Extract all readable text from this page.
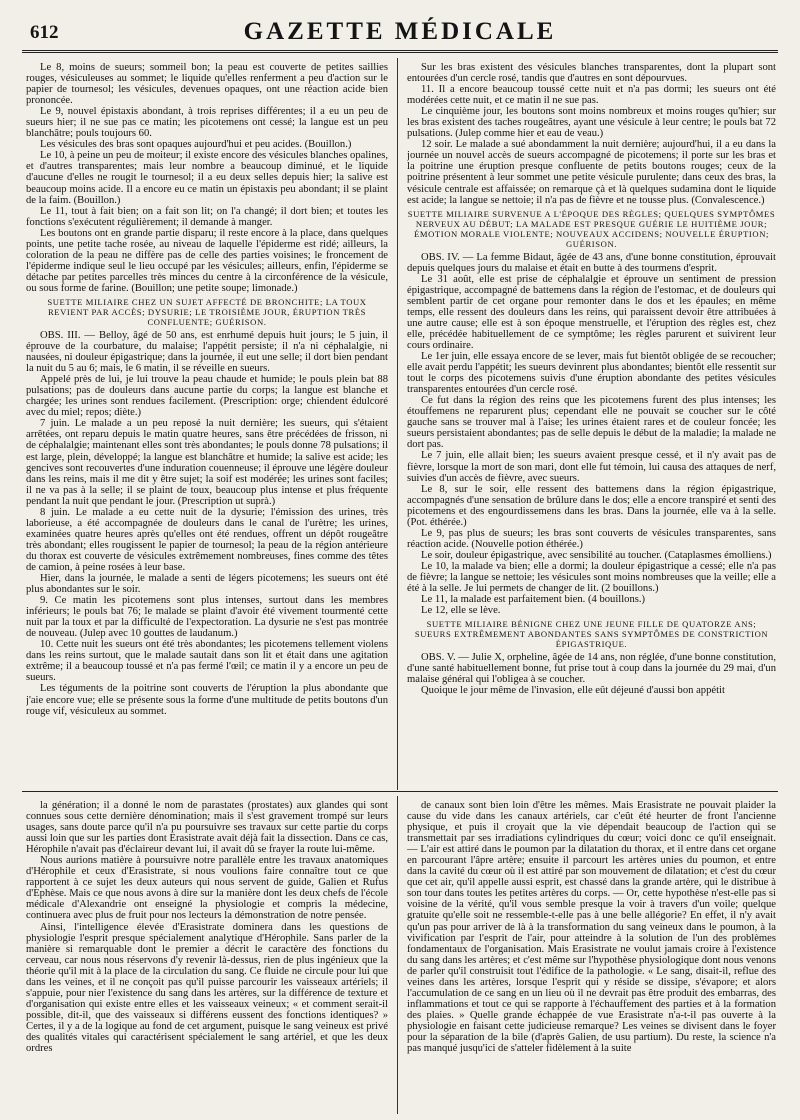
612	GAZETTE MÉDICALE

Le 8, moins de sueurs; sommeil bon; la peau est couverte de petites saillies rouges, vésiculeuses au sommet; le liquide qu'elles renferment a peu d'action sur le papier de tournesol; les vésicules, devenues opaques, ont une réaction acide bien prononcée.

Le 9, nouvel épistaxis abondant, à trois reprises différentes; il a eu un peu de sueurs hier; il ne sue pas ce matin; les picotemens ont cessé; la langue est un peu blanchâtre; pouls toujours 60.

Les vésicules des bras sont opaques aujourd'hui et peu acides. (Bouillon.)

Le 10, à peine un peu de moiteur; il existe encore des vésicules blanches opalines, et d'autres transparentes; mais leur nombre a beaucoup diminué, et le liquide d'aucune d'elles ne rougit le tournesol; il a eu deux selles depuis hier; la salive est beaucoup moins acide. Il a encore eu ce matin un épistaxis peu abondant; il se plaint de la faim. (Bouillon.)

Le 11, tout à fait bien; on a fait son lit; on l'a changé; il dort bien; et toutes les fonctions s'exécutent régulièrement; il demande à manger.

Les boutons ont en grande partie disparu; il reste encore à la place, dans quelques points, une petite tache rosée, au niveau de laquelle l'épiderme est ridé; ailleurs, la coloration de la peau ne diffère pas de celle des parties voisines; le froncement de l'épiderme indique seul le lieu occupé par les vésicules; ailleurs, enfin, l'épiderme se détache par petites parcelles très minces du centre à la circonférence de la vésicule, ou sous forme de farine. (Bouillon; une petite soupe; limonade.)

SUETTE MILIAIRE CHEZ UN SUJET AFFECTÉ DE BRONCHITE; LA TOUX REVIENT PAR ACCÈS; DYSURIE; LE TROISIÈME JOUR, ÉRUPTION TRÈS CONFLUENTE; GUÉRISON.

OBS. III. — Belloy, âgé de 50 ans, est enrhumé depuis huit jours; le 5 juin, il éprouve de la courbature, du malaise; l'appétit persiste; il n'a ni céphalalgie, ni nausées, ni douleur épigastrique; dans la journée, il eut une selle; il dort bien pendant la nuit du 5 au 6; mais, le 6 matin, il se réveille en sueurs.

Appelé près de lui, je lui trouve la peau chaude et humide; le pouls plein bat 88 pulsations; pas de douleurs dans aucune partie du corps; la langue est blanche et chargée; les urines sont rendues facilement. (Prescription: orge; chiendent édulcoré avec du miel; repos; diète.)

7 juin. Le malade a un peu reposé la nuit dernière; les sueurs, qui s'étaient arrêtées, ont reparu depuis le matin quatre heures, sans être précédées de frisson, ni de céphalalgie; maintenant elles sont très abondantes; le pouls donne 78 pulsations; il est large, plein, développé; la langue est blanchâtre et humide; la salive est acide; les gencives sont recouvertes d'une induration couenneuse; il éprouve une légère douleur dans les reins, mais il me dit y être sujet; la soif est modérée; les urines sont faciles; il ne va pas à la selle; il se plaint de toux, beaucoup plus intense et plus fréquente pendant la nuit que pendant le jour. (Prescription ut suprà.)

8 juin. Le malade a eu cette nuit de la dysurie; l'émission des urines, très laborieuse, a été accompagnée de douleurs dans le canal de l'urètre; les urines, examinées quatre heures après qu'elles ont été rendues, offrent un dépôt rougeâtre très abondant; elles rougissent le papier de tournesol; la peau de la région antérieure du thorax est couverte de vésicules extrêmement nombreuses, fines comme des têtes de camion, à peine rosées à leur base.

Hier, dans la journée, le malade a senti de légers picotemens; les sueurs ont été plus abondantes sur le soir.

9. Ce matin les picotemens sont plus intenses, surtout dans les membres inférieurs; le pouls bat 76; le malade se plaint d'avoir été vivement tourmenté cette nuit par la toux et par la difficulté de l'expectoration. La dysurie ne s'est pas montrée de nouveau. (Julep avec 10 gouttes de laudanum.)

10. Cette nuit les sueurs ont été très abondantes; les picotemens tellement violens dans les reins surtout, que le malade sautait dans son lit et était dans une agitation extrême; il a beaucoup toussé et n'a pas fermé l'œil; ce matin il y a encore un peu de sueurs.

Les téguments de la poitrine sont couverts de l'éruption la plus abondante que j'aie encore vue; elle se présente sous la forme d'une multitude de petits boutons d'un rouge vif, vésiculeux au sommet.

Sur les bras existent des vésicules blanches transparentes, dont la plupart sont entourées d'un cercle rosé, tandis que d'autres en sont dépourvues.

11. Il a encore beaucoup toussé cette nuit et n'a pas dormi; les sueurs ont été modérées cette nuit, et ce matin il ne sue pas.

Le cinquième jour, les boutons sont moins nombreux et moins rouges qu'hier; sur les bras existent des taches rougeâtres, ayant une vésicule à leur centre; le pouls bat 72 pulsations. (Julep comme hier et eau de veau.)

12 soir. Le malade a sué abondamment la nuit dernière; aujourd'hui, il a eu dans la journée un nouvel accès de sueurs accompagné de picotemens; il porte sur les bras et la poitrine une éruption presque confluente de petits boutons rouges; ceux de la poitrine présentent à leur sommet une petite vésicule purulente; dans ceux des bras, la vésicule centrale est affaissée; on remarque çà et là quelques sudamina dont le liquide est acide; la langue se nettoie; il n'a pas de fièvre et ne tousse plus. (Convalescence.)

SUETTE MILIAIRE SURVENUE A L'ÉPOQUE DES RÈGLES; QUELQUES SYMPTÔMES NERVEUX AU DÉBUT; LA MALADE EST PRESQUE GUÉRIE LE HUITIÈME JOUR; ÉMOTION MORALE VIOLENTE; NOUVEAUX ACCIDENS; NOUVELLE ÉRUPTION; GUÉRISON.

OBS. IV. — La femme Bidaut, âgée de 43 ans, d'une bonne constitution, éprouvait depuis quelques jours du malaise et était en butte à des tourmens d'esprit.

Le 31 août, elle est prise de céphalalgie et éprouve un sentiment de pression épigastrique, accompagné de battemens dans la région de l'estomac, et de douleurs qui semblent partir de cet organe pour remonter dans le dos et les épaules; en même temps, elle ressent des douleurs dans les reins, qui paraissent devoir être attribuées à une autre cause; elle est à son époque menstruelle, et l'éruption des règles est, chez elle, précédée habituellement de ce symptôme; les règles parurent et suivirent leur cours ordinaire.

Le 1er juin, elle essaya encore de se lever, mais fut bientôt obligée de se recoucher; elle avait perdu l'appétit; les sueurs devinrent plus abondantes; bientôt elle ressentit sur tout le corps des picotemens suivis d'une éruption abondante des petites vésicules transparentes entourées d'un cercle rosé.

Ce fut dans la région des reins que les picotemens furent des plus intenses; les étouffemens ne reparurent plus; cependant elle ne pouvait se coucher sur le côté gauche sans se trouver mal à l'aise; les urines étaient rares et de couleur foncée; les sueurs persistaient abondantes; pas de selle depuis le début de la maladie; la malade ne dort pas.

Le 7 juin, elle allait bien; les sueurs avaient presque cessé, et il n'y avait pas de fièvre, lorsque la mort de son mari, dont elle fut témoin, lui causa des attaques de nerf, suivies d'un accès de fièvre, avec sueurs.

Le 8, sur le soir, elle ressent des battemens dans la région épigastrique, accompagnés d'une sensation de brûlure dans le dos; elle a encore transpiré et senti des picotemens et des engourdissemens dans les bras. Dans la journée, elle va à la selle. (Pot. éthérée.)

Le 9, pas plus de sueurs; les bras sont couverts de vésicules transparentes, sans réaction acide. (Nouvelle potion éthérée.)

Le soir, douleur épigastrique, avec sensibilité au toucher. (Cataplasmes émolliens.)

Le 10, la malade va bien; elle a dormi; la douleur épigastrique a cessé; elle n'a pas de fièvre; la langue se nettoie; les vésicules sont moins nombreuses que la veille; elle a été à la selle. Je lui permets de changer de lit. (2 bouillons.)

Le 11, la malade est parfaitement bien. (4 bouillons.)

Le 12, elle se lève.

SUETTE MILIAIRE BÉNIGNE CHEZ UNE JEUNE FILLE DE QUATORZE ANS; SUEURS EXTRÊMEMENT ABONDANTES SANS SYMPTÔMES DE CONSTRICTION ÉPIGASTRIQUE.

OBS. V. — Julie X, orpheline, âgée de 14 ans, non réglée, d'une bonne constitution, d'une santé habituellement bonne, fut prise tout à coup dans la journée du 29 mai, d'un malaise général qui l'obligea à se coucher.

Quoique le jour même de l'invasion, elle eût déjeuné d'aussi bon appétit

la génération; il a donné le nom de parastates (prostates) aux glandes qui sont connues sous cette dernière dénomination; mais il s'est gravement trompé sur leurs usages, sans doute parce qu'il n'a pu poursuivre ses travaux sur cette partie du corps aussi loin que sur les parties dont Erasistrate avait déjà fait la dissection. Dans ce cas, Hérophile n'avait pas d'éclaireur devant lui, il avait dû se frayer la route lui-même.

Nous aurions matière à poursuivre notre parallèle entre les travaux anatomiques d'Hérophile et ceux d'Erasistrate, si nous voulions faire connaître tout ce que rapportent à ce sujet les deux auteurs qui nous servent de guide, Galien et Rufus d'Ephèse. Mais ce que nous avons à dire sur la manière dont les deux chefs de l'école médicale d'Alexandrie ont enseigné la physiologie et compris la médecine, continuera avec plus de fruit pour nos lecteurs la démonstration de notre pensée.

Ainsi, l'intelligence élevée d'Erasistrate dominera dans les questions de physiologie l'esprit presque spécialement analytique d'Hérophile. Sans parler de la manière si remarquable dont le premier a décrit le caractère des fonctions du cerveau, car nous nous réservons d'y revenir là-dessus, rien de plus ingénieux que la théorie qu'il mit à la place de la circulation du sang. Ce fluide ne circule pour lui que dans les veines, et il ne conçoit pas qu'il puisse parcourir les vaisseaux artériels; il s'appuie, pour nier l'existence du sang dans les artères, sur la différence de texture et d'organisation qui existe entre elles et les vaisseaux veineux; « et comment serait-il possible, dit-il, que des vaisseaux si différens eussent des fonctions identiques? » Certes, il y a de la logique au fond de cet argument, puisque le sang veineux est privé des qualités vitales qui caractérisent spécialement le sang artériel, et que les deux ordres

de canaux sont bien loin d'être les mêmes. Mais Erasistrate ne pouvait plaider la cause du vide dans les canaux artériels, car c'eût été heurter de front l'ancienne physique, et puis il croyait que la vie dépendait beaucoup de l'action qui se transmettait par ses irradiations cylindriques du cœur; voici donc ce qu'il enseignait. — L'air est attiré dans le poumon par la dilatation du thorax, et il entre dans cet organe en parcourant l'âpre artère; ensuite il parcourt les artères unies du poumon, et entre dans la cavité du cœur où il est attiré par son mouvement de dilatation; et c'est du cœur que cet air, qu'il appelle aussi esprit, est chassé dans la grande artère, qui le distribue à son tour dans toutes les petites artères du corps. — Or, cette hypothèse n'est-elle pas si voisine de la vérité, qu'il vous semble presque la voir à travers d'un voile; quelque gratuite qu'elle soit ne ressemble-t-elle pas à une belle allégorie? En effet, il n'y avait qu'un pas pour arriver de là à la transformation du sang veineux dans le poumon, à la vivification par l'esprit de l'air, pour atteindre à la solution de l'un des problèmes fondamentaux de l'organisation. Mais Erasistrate ne voulut jamais croire à l'existence du sang dans les artères; et c'est même sur l'hypothèse physiologique dont nous venons de parler qu'il construisit tout l'édifice de la pathologie. « Le sang, disait-il, reflue des veines dans les artères, lorsque l'esprit qui y réside se dissipe, s'évapore; et alors l'accumulation de ce sang en un lieu où il ne devrait pas être produit des embarras, des inflammations et tout ce qui se rapporte à l'échauffement des parties et à la formation des plaies. » Quelle grande échappée de vue Erasistrate n'a-t-il pas ouverte à la physiologie en faisant cette judicieuse remarque? Les veines se divisent dans le foyer pour la séparation de la bile (d'après Galien, de usu partium). Du reste, la science n'a pas manqué jusqu'ici de s'atteler fidèlement à la suite
